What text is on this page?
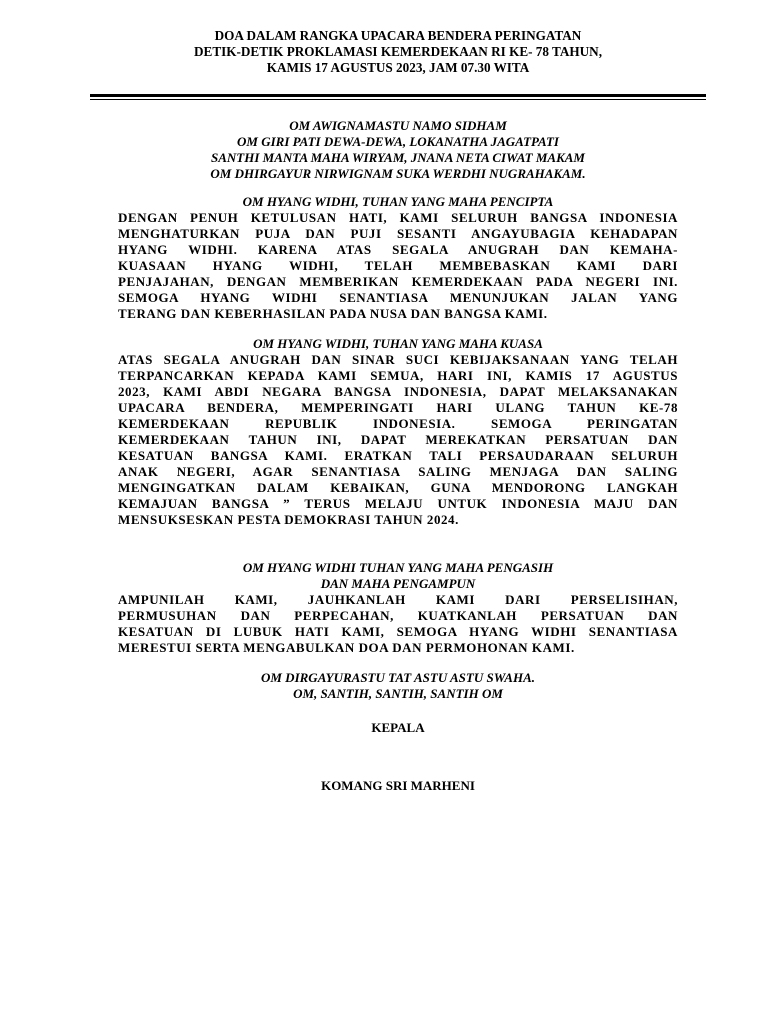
DOA DALAM RANGKA UPACARA BENDERA PERINGATAN
DETIK-DETIK PROKLAMASI KEMERDEKAAN RI KE- 78 TAHUN,
KAMIS 17 AGUSTUS 2023, JAM 07.30 WITA
OM AWIGNAMASTU NAMO SIDHAM
OM GIRI PATI DEWA-DEWA, LOKANATHA JAGATPATI
SANTHI MANTA MAHA WIRYAM, JNANA NETA CIWAT MAKAM
OM DHIRGAYUR NIRWIGNAM SUKA WERDHI NUGRAHAKAM.
OM HYANG WIDHI, TUHAN YANG MAHA PENCIPTA
DENGAN PENUH KETULUSAN HATI, KAMI SELURUH BANGSA INDONESIA
MENGHATURKAN PUJA DAN PUJI SESANTI ANGAYUBAGIA KEHADAPAN
HYANG WIDHI. KARENA ATAS SEGALA ANUGRAH DAN KEMAHA-
KUASAAN HYANG WIDHI, TELAH MEMBEBASKAN KAMI DARI
PENJAJAHAN, DENGAN MEMBERIKAN KEMERDEKAAN PADA NEGERI INI.
SEMOGA HYANG WIDHI SENANTIASA MENUNJUKAN JALAN YANG
TERANG DAN KEBERHASILAN PADA NUSA DAN BANGSA KAMI.
OM HYANG WIDHI, TUHAN YANG MAHA KUASA
ATAS SEGALA ANUGRAH DAN SINAR SUCI KEBIJAKSANAAN YANG TELAH
TERPANCARKAN KEPADA KAMI SEMUA, HARI INI, KAMIS 17 AGUSTUS
2023, KAMI ABDI NEGARA BANGSA INDONESIA, DAPAT MELAKSANAKAN
UPACARA BENDERA, MEMPERINGATI HARI ULANG TAHUN KE-78
KEMERDEKAAN REPUBLIK INDONESIA. SEMOGA PERINGATAN
KEMERDEKAAN TAHUN INI, DAPAT MEREKATKAN PERSATUAN DAN
KESATUAN BANGSA KAMI. ERATKAN TALI PERSAUDARAAN SELURUH
ANAK NEGERI, AGAR SENANTIASA SALING MENJAGA DAN SALING
MENGINGATKAN DALAM KEBAIKAN, GUNA MENDORONG LANGKAH
KEMAJUAN BANGSA ” TERUS MELAJU UNTUK INDONESIA MAJU DAN
MENSUKSESKAN PESTA DEMOKRASI TAHUN 2024.
OM HYANG WIDHI TUHAN YANG MAHA PENGASIH
DAN MAHA PENGAMPUN
AMPUNILAH KAMI, JAUHKANLAH KAMI DARI PERSELISIHAN,
PERMUSUHAN DAN PERPECAHAN, KUATKANLAH PERSATUAN DAN
KESATUAN DI LUBUK HATI KAMI, SEMOGA HYANG WIDHI SENANTIASA
MERESTUI SERTA MENGABULKAN DOA DAN PERMOHONAN KAMI.
OM DIRGAYURASTU TAT ASTU ASTU SWAHA.
OM, SANTIH, SANTIH, SANTIH OM
KEPALA
KOMANG SRI MARHENI
